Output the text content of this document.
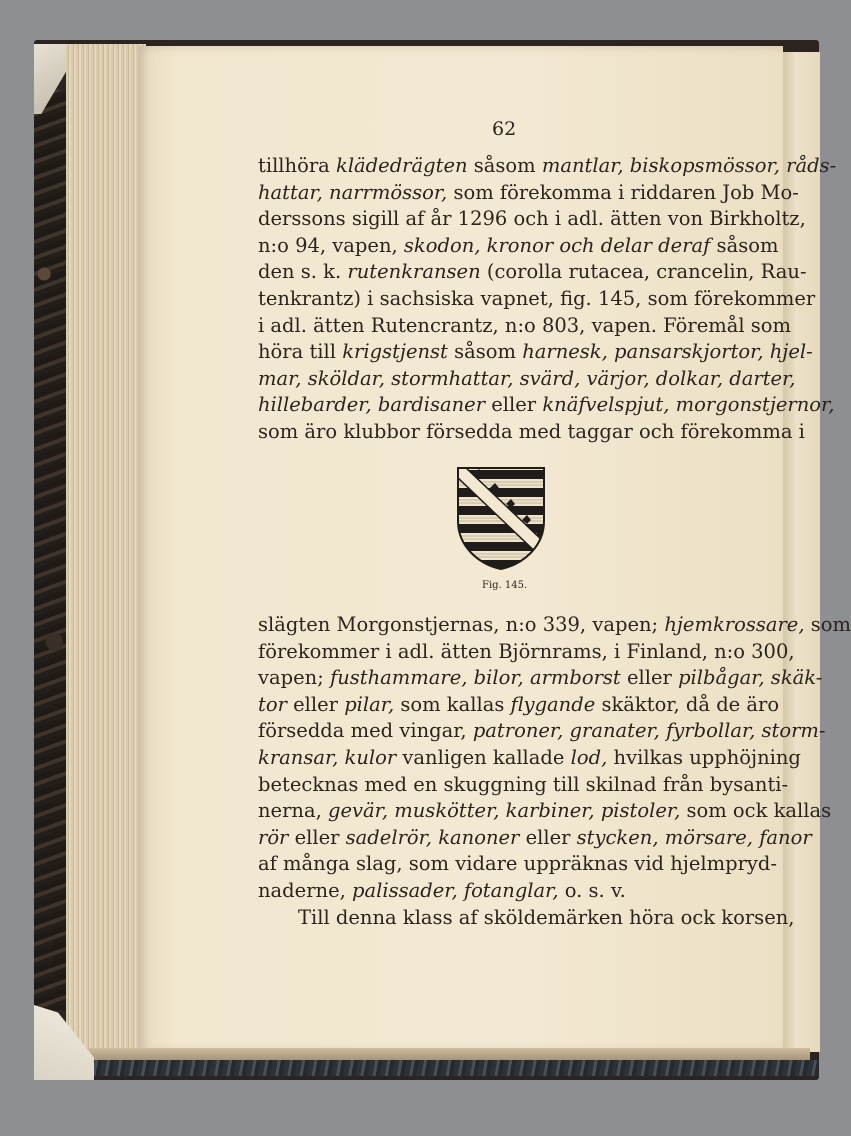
62
tillhöra klädedrägten såsom mantlar, biskopsmössor, råds-
hattar, narrmössor, som förekomma i riddaren Job Mo-
derssons sigill af år 1296 och i adl. ätten von Birkholtz,
n:o 94, vapen, skodon, kronor och delar deraf såsom
den s. k. rutenkransen (corolla rutacea, crancelin, Rau-
tenkrantz) i sachsiska vapnet, fig. 145, som förekommer
i adl. ätten Rutencrantz, n:o 803, vapen. Föremål som
höra till krigstjenst såsom harnesk, pansarskjortor, hjel-
mar, sköldar, stormhattar, svärd, värjor, dolkar, darter,
hillebarder, bardisaner eller knäfvelspjut, morgonstjernor,
som äro klubbor försedda med taggar och förekomma i
Fig. 145.
slägten Morgonstjernas, n:o 339, vapen; hjemkrossare, som
förekommer i adl. ätten Björnrams, i Finland, n:o 300,
vapen; fusthammare, bilor, armborst eller pilbågar, skäk-
tor eller pilar, som kallas flygande skäktor, då de äro
försedda med vingar, patroner, granater, fyrbollar, storm-
kransar, kulor vanligen kallade lod, hvilkas upphöjning
betecknas med en skuggning till skilnad från bysanti-
nerna, gevär, muskötter, karbiner, pistoler, som ock kallas
rör eller sadelrör, kanoner eller stycken, mörsare, fanor
af många slag, som vidare uppräknas vid hjelmpryd-
naderne, palissader, fotanglar, o. s. v.
Till denna klass af sköldemärken höra ock korsen,
